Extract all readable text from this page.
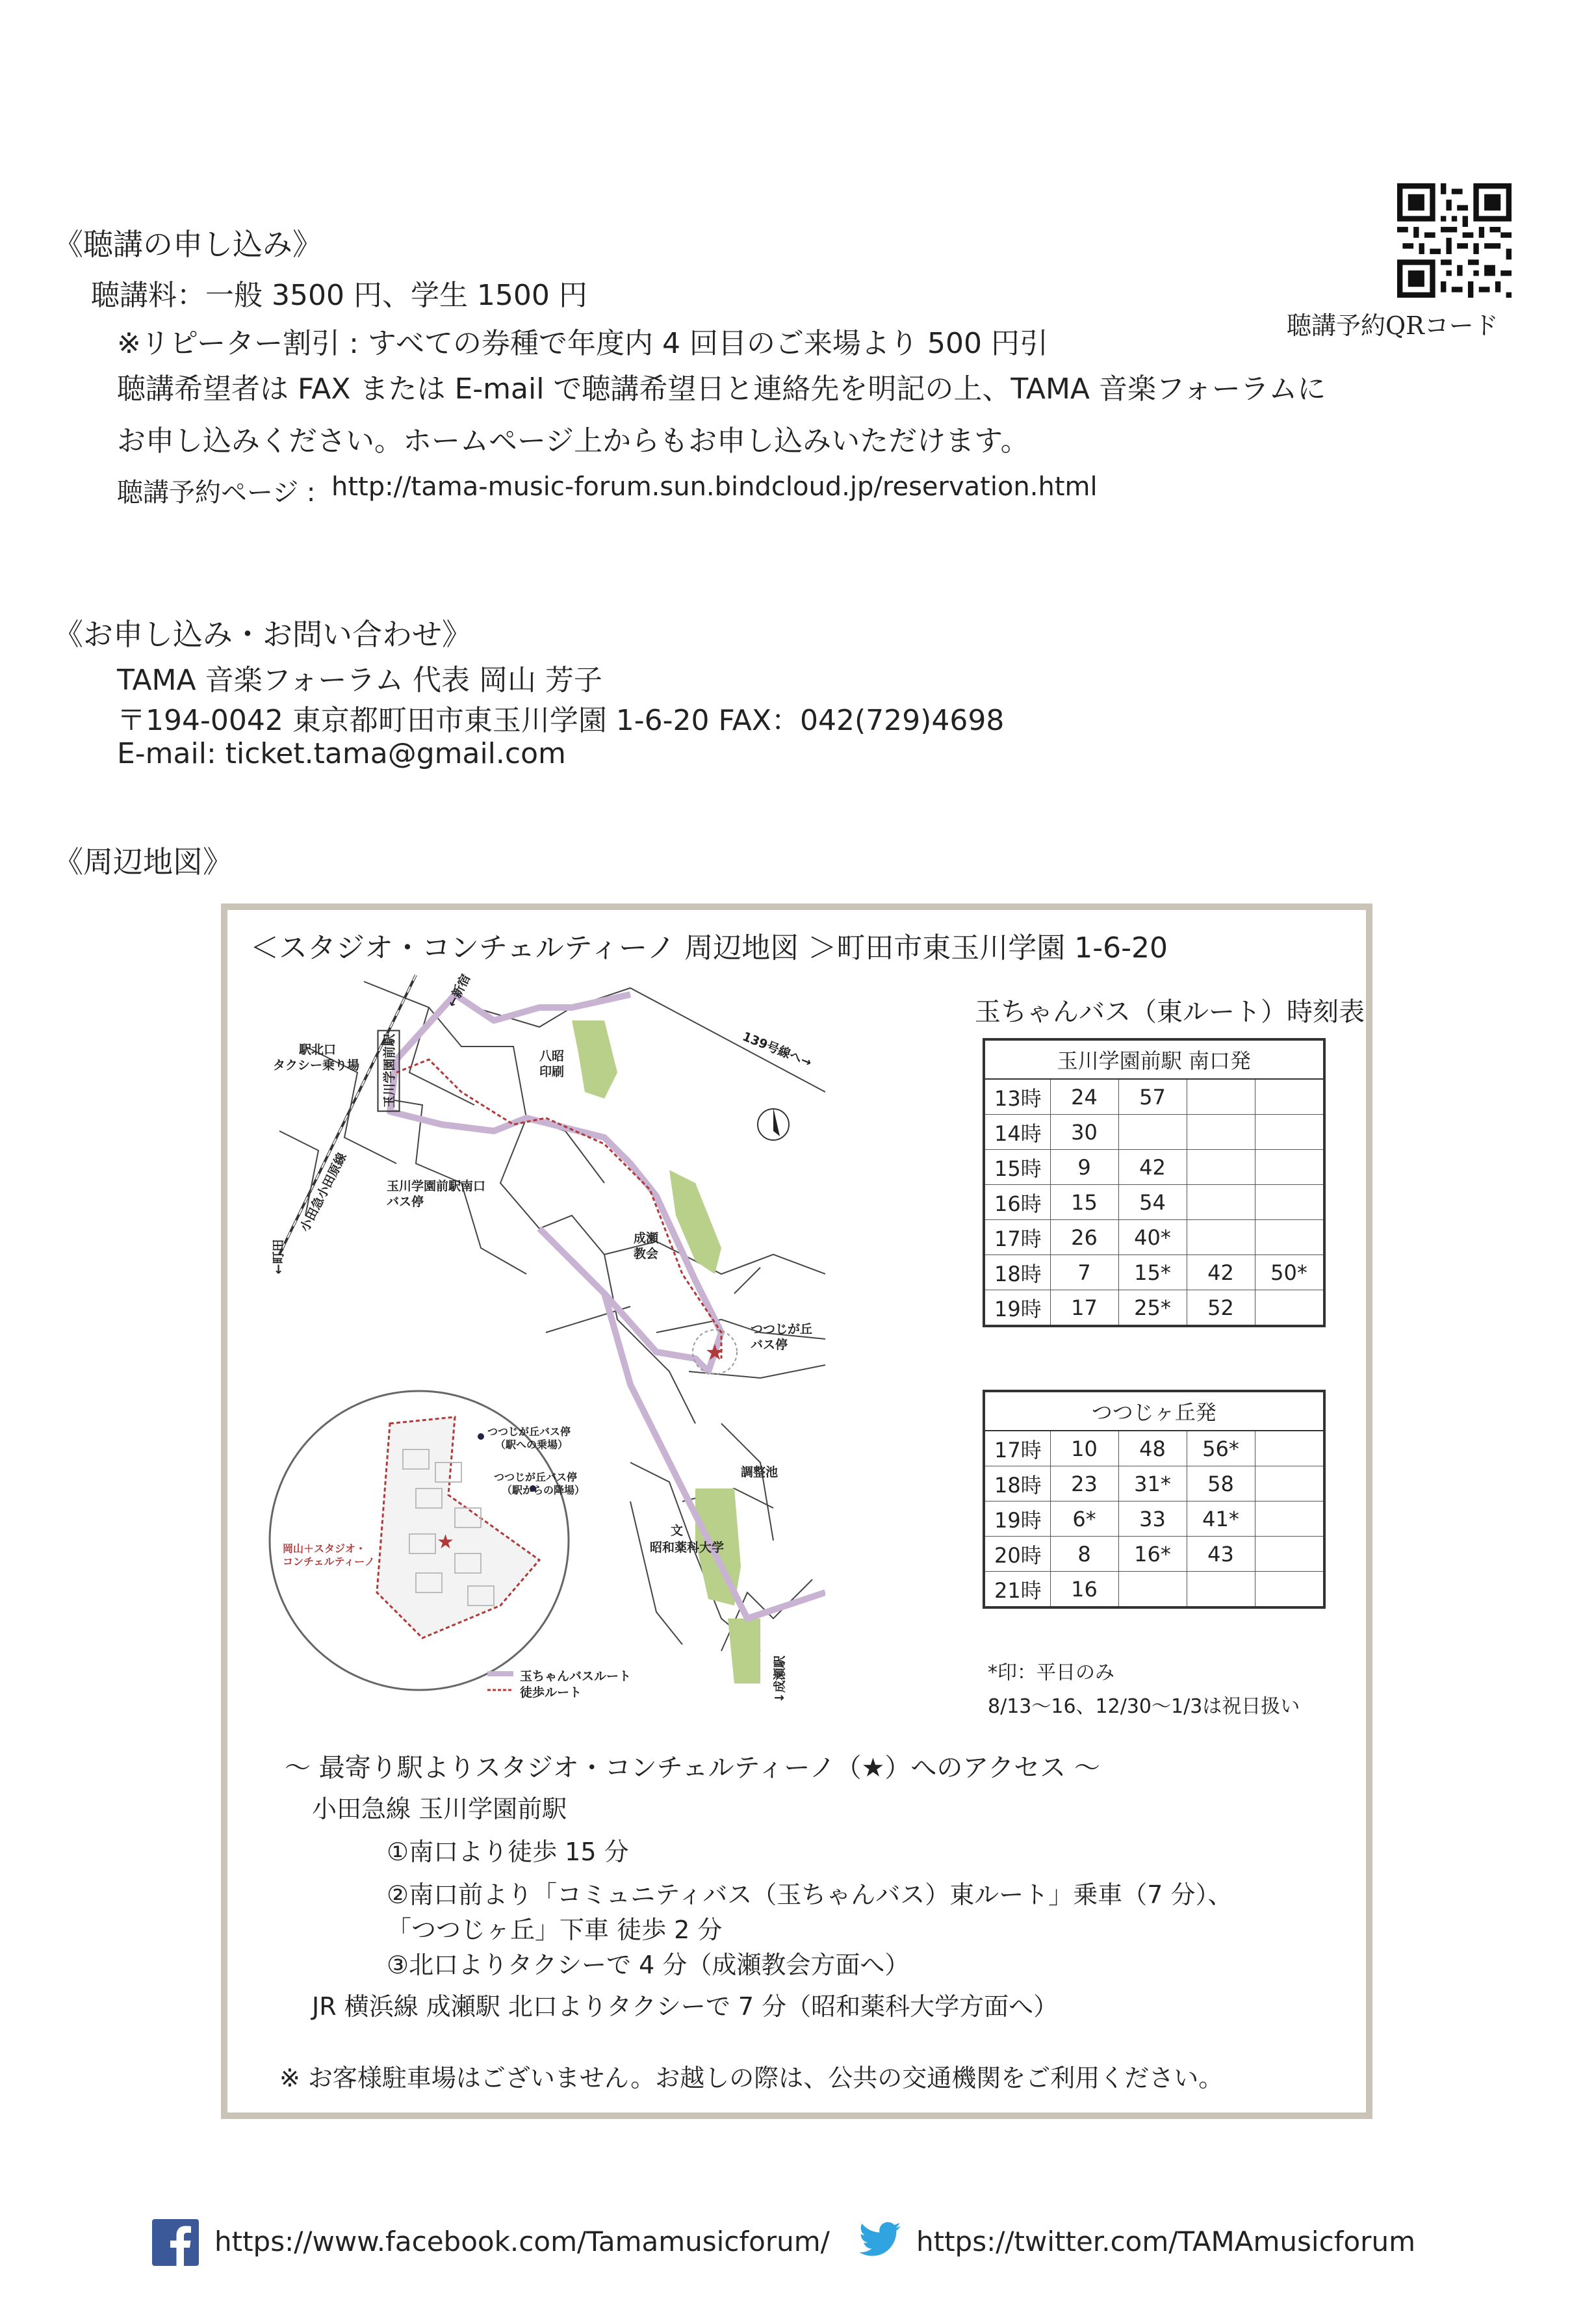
《聴講の申し込み》
聴講料：一般 3500 円、学生 1500 円
※リピーター割引 : すべての券種で年度内 4 回目のご来場より 500 円引
聴講希望者は FAX または E-mail で聴講希望日と連絡先を明記の上、TAMA 音楽フォーラムに
お申し込みください。ホームページ上からもお申し込みいただけます。
聴講予約ページ : http://tama-music-forum.sun.bindcloud.jp/reservation.html
聴講予約QRコード
《お申し込み・お問い合わせ》
TAMA 音楽フォーラム 代表 岡山 芳子
〒194-0042 東京都町田市東玉川学園 1-6-20 FAX：042(729)4698
E-mail: ticket.tama@gmail.com
《周辺地図》
＜スタジオ・コンチェルティーノ 周辺地図 ＞町田市東玉川学園 1-6-20
★
★
←新宿
←町田
小田急小田原線
玉川学園前駅
駅北口
タクシー乗り場
玉川学園前駅南口
バス停
八昭
印刷
139号線へ→
成瀬
教会
つつじが丘
バス停
調整池
文
昭和薬科大学
↓成瀬駅
つつじが丘バス停
（駅への乗場）
つつじが丘バス停
（駅からの降場）
岡山＋スタジオ・
コンチェルティーノ
玉ちゃんバスルート
徒歩ルート
玉ちゃんバス（東ルート）時刻表
玉川学園前駅 南口発				
13時	24	57		
14時	30			
15時	9	42		
16時	15	54		
17時	26	40*		
18時	7	15*	42	50*
19時	17	25*	52	
つつじヶ丘発				
17時	10	48	56*	
18時	23	31*	58	
19時	6*	33	41*	
20時	8	16*	43	
21時	16			
*印：平日のみ
8/13〜16、12/30〜1/3は祝日扱い
〜 最寄り駅よりスタジオ・コンチェルティーノ（★）へのアクセス 〜
小田急線 玉川学園前駅
①南口より徒歩 15 分
②南口前より「コミュニティバス（玉ちゃんバス）東ルート」乗車（7 分）、
「つつじヶ丘」下車 徒歩 2 分
③北口よりタクシーで 4 分（成瀬教会方面へ）
JR 横浜線 成瀬駅 北口よりタクシーで 7 分（昭和薬科大学方面へ）
※ お客様駐車場はございません。お越しの際は、公共の交通機関をご利用ください。
https://www.facebook.com/Tamamusicforum/	https://twitter.com/TAMAmusicforum
